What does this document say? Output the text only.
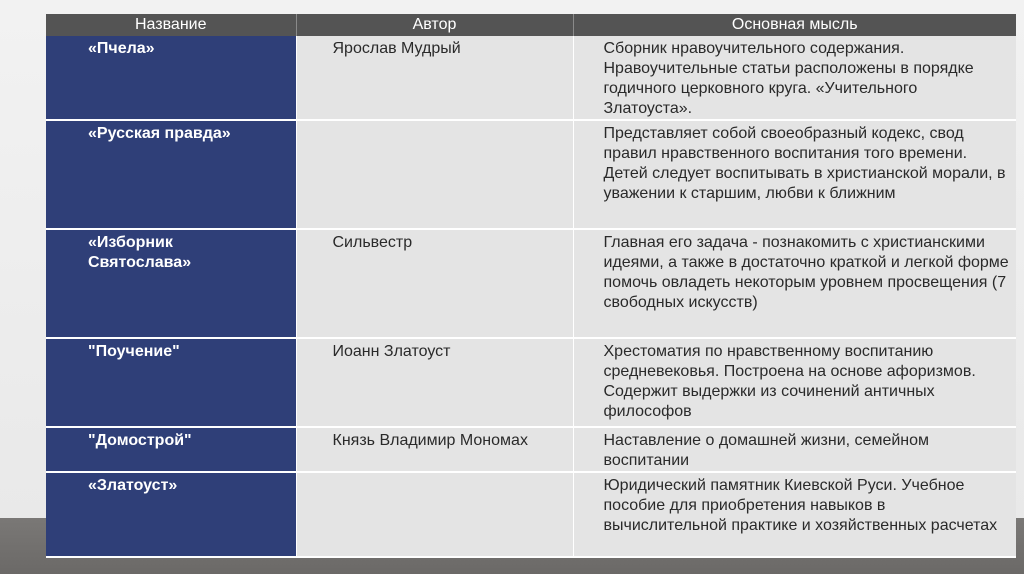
Название	Автор	Основная мысль

«Пчела»	Ярослав Мудрый	Сборник нравоучительного содержания. Нравоучительные статьи расположены в порядке годичного церковного круга. «Учительного Златоуста».

«Русская правда»		Представляет собой своеобразный кодекс, свод правил нравственного воспитания того времени. Детей следует воспитывать в христианской морали, в уважении к старшим, любви к ближним

«Изборник
Святослава»	Сильвестр	Главная его задача - познакомить с христианскими идеями, а также в достаточно краткой и легкой форме помочь овладеть некоторым уровнем просвещения (7 свободных искусств)

"Поучение"	Иоанн Златоуст	Хрестоматия по нравственному воспитанию средневековья. Построена на основе афоризмов. Содержит выдержки из сочинений античных философов

"Домострой"	Князь Владимир Мономах	Наставление о домашней жизни, семейном воспитании

«Златоуст»		Юридический памятник Киевской Руси. Учебное пособие для приобретения навыков в вычислительной практике и хозяйственных расчетах
